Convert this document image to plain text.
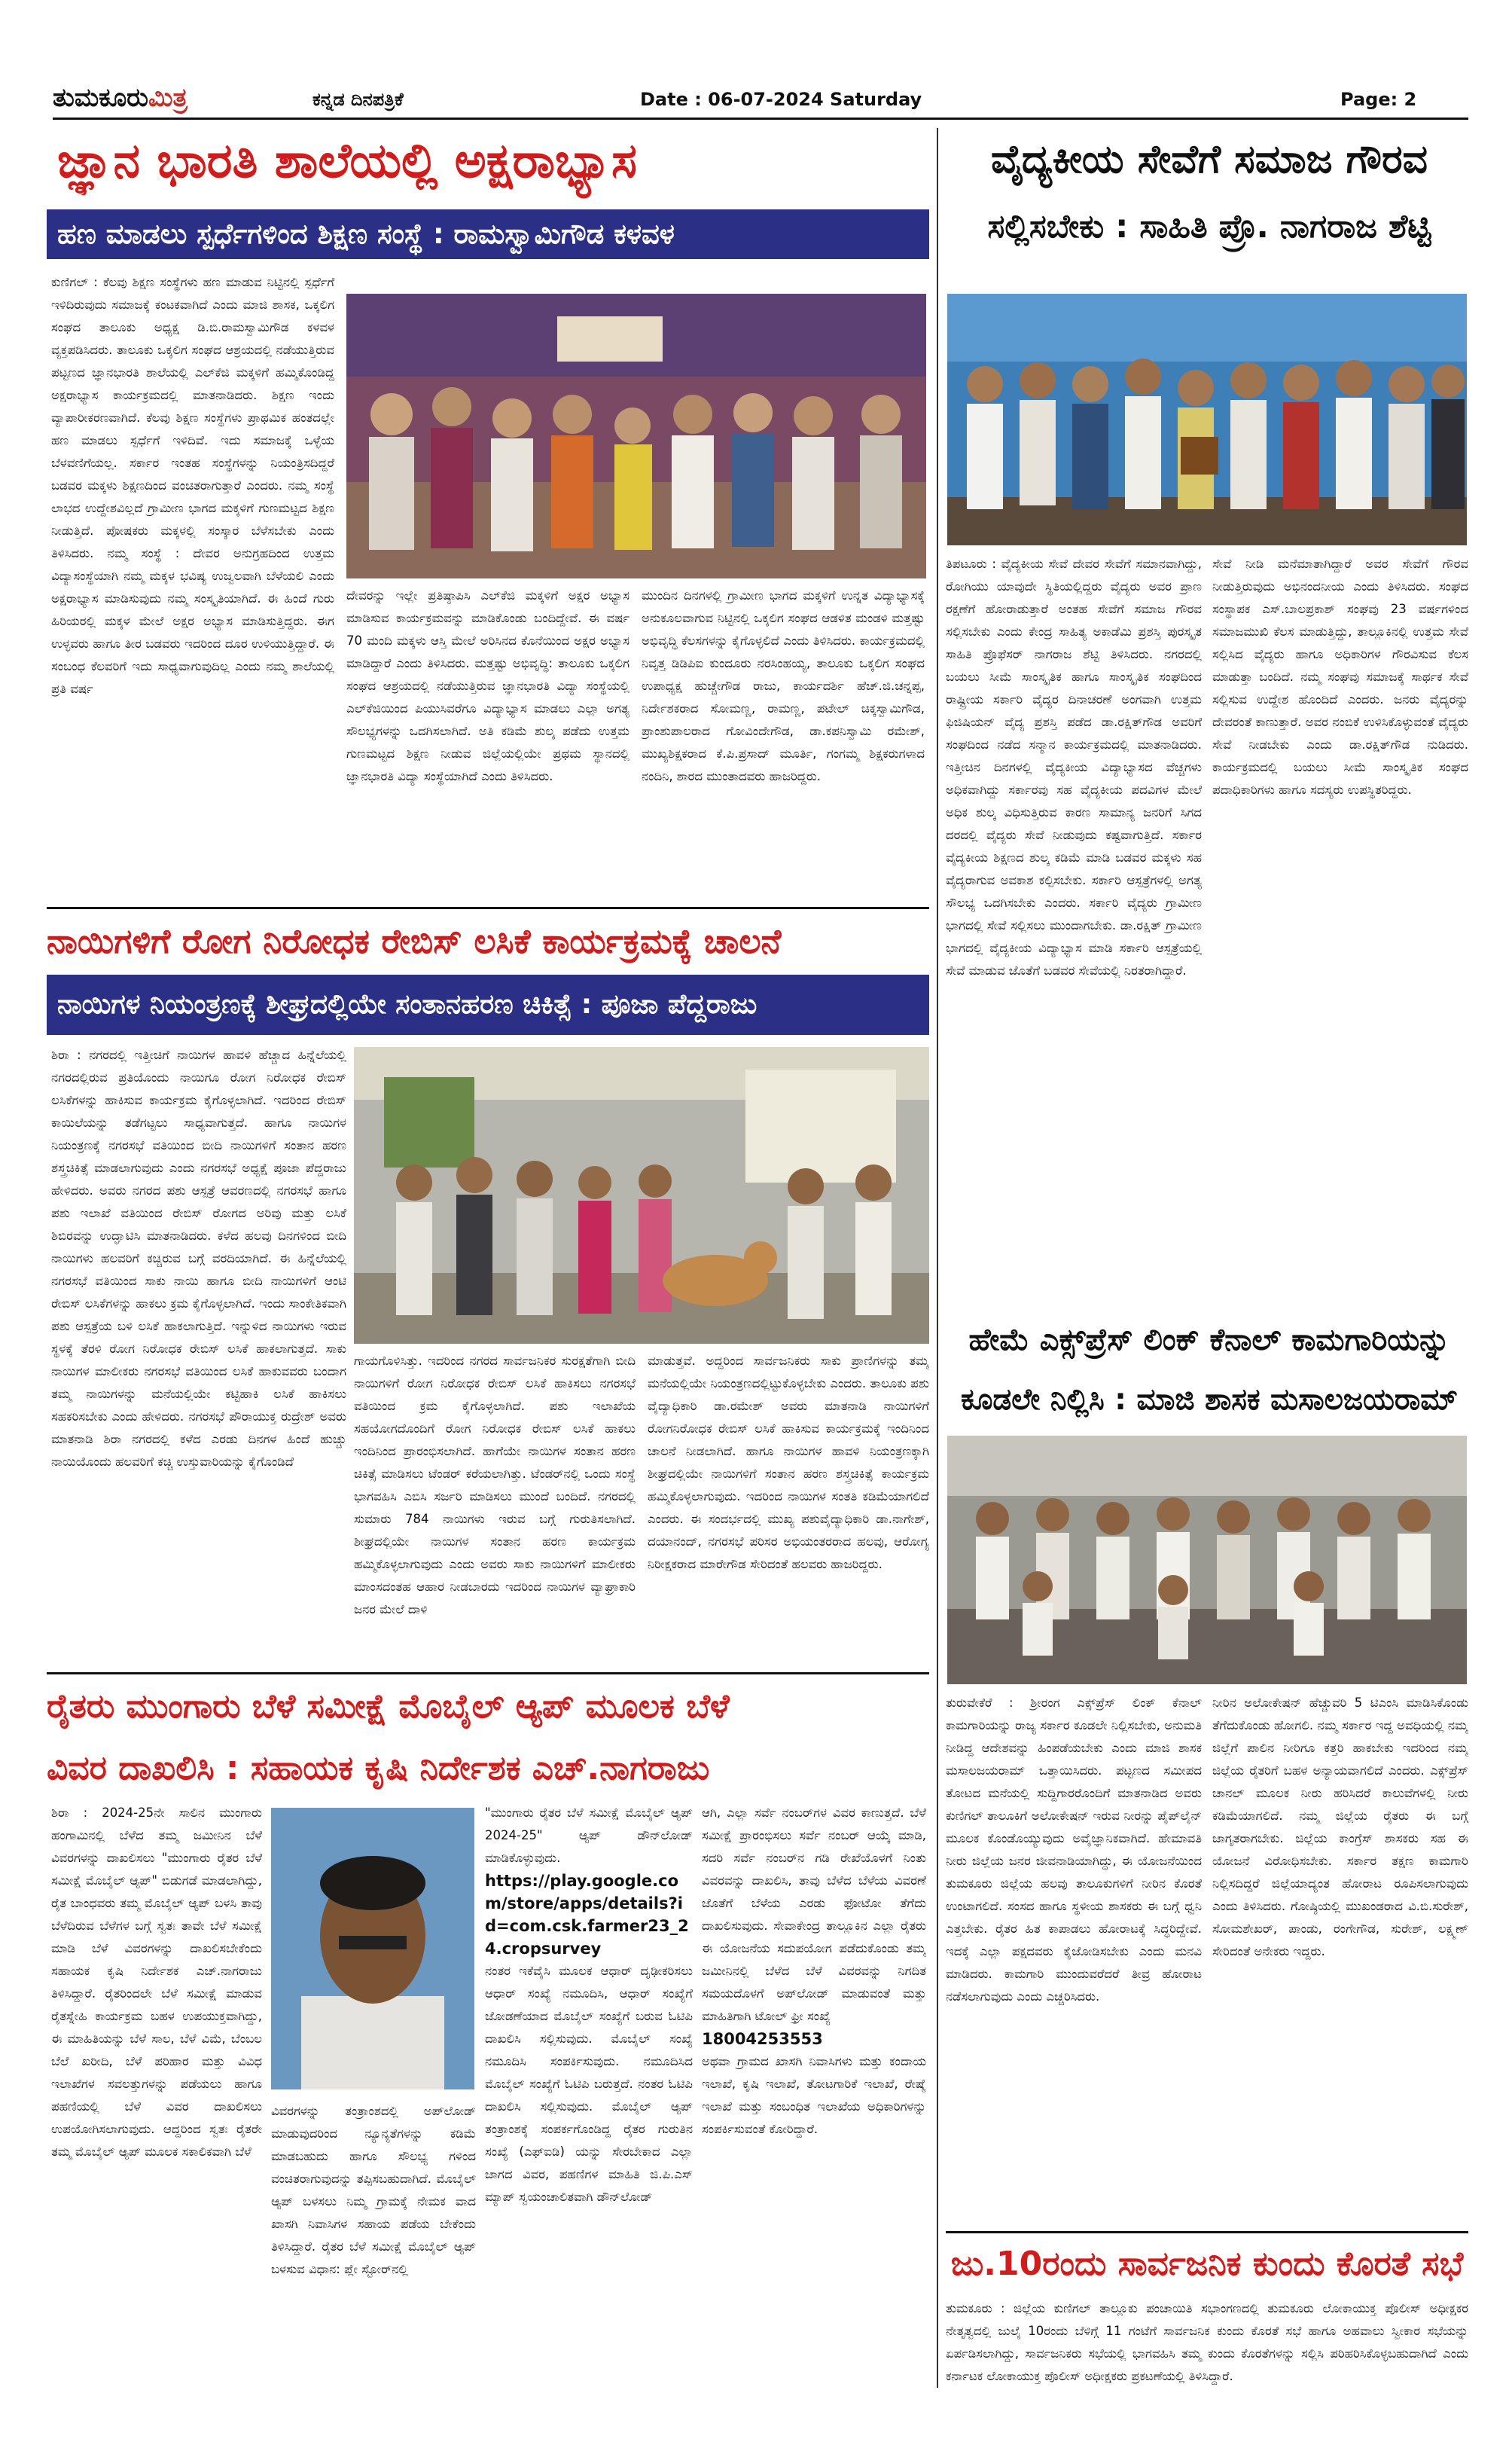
ತುಮಕೂರುಮಿತ್ರ	ಕನ್ನಡ ದಿನಪತ್ರಿಕೆ	Date : 06-07-2024 Saturday	Page: 2
ಜ್ಞಾನ ಭಾರತಿ ಶಾಲೆಯಲ್ಲಿ ಅಕ್ಷರಾಭ್ಯಾಸ
ಹಣ ಮಾಡಲು ಸ್ಪರ್ಧೆಗಳಿಂದ ಶಿಕ್ಷಣ ಸಂಸ್ಥೆ : ರಾಮಸ್ವಾಮಿಗೌಡ ಕಳವಳ

ಕುಣಿಗಲ್ : ಕೆಲವು ಶಿಕ್ಷಣ ಸಂಸ್ಥೆಗಳು ಹಣ ಮಾಡುವ ನಿಟ್ಟಿನಲ್ಲಿ ಸ್ಪರ್ಧೆಗೆ ಇಳಿದಿರುವುದು ಸಮಾಜಕ್ಕೆ ಕಂಟಕವಾಗಿದೆ ಎಂದು ಮಾಜಿ ಶಾಸಕ, ಒಕ್ಕಲಿಗ ಸಂಘದ ತಾಲೂಕು ಅಧ್ಯಕ್ಷ ಡಿ.ಬಿ.ರಾಮಸ್ವಾಮಿಗೌಡ ಕಳವಳ ವ್ಯಕ್ತಪಡಿಸಿದರು. ತಾಲೂಕು ಒಕ್ಕಲಿಗ ಸಂಘದ ಆಶ್ರಯದಲ್ಲಿ ನಡೆಯುತ್ತಿರುವ ಪಟ್ಟಣದ ಜ್ಞಾನಭಾರತಿ ಶಾಲೆಯಲ್ಲಿ ಎಲ್‌ಕೆಜಿ ಮಕ್ಕಳಿಗೆ ಹಮ್ಮಿಕೊಂಡಿದ್ದ ಅಕ್ಷರಾಭ್ಯಾಸ ಕಾರ್ಯಕ್ರಮದಲ್ಲಿ ಮಾತನಾಡಿದರು. ಶಿಕ್ಷಣ ಇಂದು ವ್ಯಾಪಾರೀಕರಣವಾಗಿದೆ. ಕೆಲವು ಶಿಕ್ಷಣ ಸಂಸ್ಥೆಗಳು ಪ್ರಾಥಮಿಕ ಹಂತದಲ್ಲೇ ಹಣ ಮಾಡಲು ಸ್ಪರ್ಧೆಗೆ ಇಳಿದಿವೆ. ಇದು ಸಮಾಜಕ್ಕೆ ಒಳ್ಳೆಯ ಬೆಳವಣಿಗೆಯಲ್ಲ. ಸರ್ಕಾರ ಇಂತಹ ಸಂಸ್ಥೆಗಳನ್ನು ನಿಯಂತ್ರಿಸದಿದ್ದರೆ ಬಡವರ ಮಕ್ಕಳು ಶಿಕ್ಷಣದಿಂದ ವಂಚಿತರಾಗುತ್ತಾರೆ ಎಂದರು. ನಮ್ಮ ಸಂಸ್ಥೆ ಲಾಭದ ಉದ್ದೇಶವಿಲ್ಲದೆ ಗ್ರಾಮೀಣ ಭಾಗದ ಮಕ್ಕಳಿಗೆ ಗುಣಮಟ್ಟದ ಶಿಕ್ಷಣ ನೀಡುತ್ತಿದೆ. ಪೋಷಕರು ಮಕ್ಕಳಲ್ಲಿ ಸಂಸ್ಕಾರ ಬೆಳೆಸಬೇಕು ಎಂದು ತಿಳಿಸಿದರು. ನಮ್ಮ ಸಂಸ್ಥೆ : ದೇವರ ಅನುಗ್ರಹದಿಂದ ಉತ್ತಮ ವಿದ್ಯಾಸಂಸ್ಥೆಯಾಗಿ ನಮ್ಮ ಮಕ್ಕಳ ಭವಿಷ್ಯ ಉಜ್ವಲವಾಗಿ ಬೆಳೆಯಲಿ ಎಂದು ಅಕ್ಷರಾಭ್ಯಾಸ ಮಾಡಿಸುವುದು ನಮ್ಮ ಸಂಸ್ಕೃತಿಯಾಗಿದೆ. ಈ ಹಿಂದೆ ಗುರು ಹಿರಿಯರಲ್ಲಿ ಮಕ್ಕಳ ಮೇಲೆ ಅಕ್ಷರ ಅಭ್ಯಾಸ ಮಾಡಿಸುತ್ತಿದ್ದರು. ಈಗ ಉಳ್ಳವರು ಹಾಗೂ ತೀರ ಬಡವರು ಇದರಿಂದ ದೂರ ಉಳಿಯುತ್ತಿದ್ದಾರೆ. ಈ ಸಂಬಂಧ ಕೆಲವರಿಗೆ ಇದು ಸಾಧ್ಯವಾಗುವುದಿಲ್ಲ ಎಂದು ನಮ್ಮ ಶಾಲೆಯಲ್ಲಿ ಪ್ರತಿ ವರ್ಷ

ದೇವರನ್ನು ಇಲ್ಲೇ ಪ್ರತಿಷ್ಠಾಪಿಸಿ ಎಲ್‌ಕೆಜಿ ಮಕ್ಕಳಿಗೆ ಅಕ್ಷರ ಅಭ್ಯಾಸ ಮಾಡಿಸುವ ಕಾರ್ಯಕ್ರಮವನ್ನು ಮಾಡಿಕೊಂಡು ಬಂದಿದ್ದೇವೆ. ಈ ವರ್ಷ 70 ಮಂದಿ ಮಕ್ಕಳು ಆಸ್ತಿ ಮೇಲೆ ಅರಿಸಿನದ ಕೊನೆಯಿಂದ ಅಕ್ಷರ ಅಭ್ಯಾಸ ಮಾಡಿದ್ದಾರೆ ಎಂದು ತಿಳಿಸಿದರು. ಮತ್ತಷ್ಟು ಅಭಿವೃದ್ಧಿ: ತಾಲೂಕು ಒಕ್ಕಲಿಗ ಸಂಘದ ಆಶ್ರಯದಲ್ಲಿ ನಡೆಯುತ್ತಿರುವ ಜ್ಞಾನಭಾರತಿ ವಿದ್ಯಾ ಸಂಸ್ಥೆಯಲ್ಲಿ ಎಲ್‌ಕೆಜಿಯಿಂದ ಪಿಯುಸಿವರೆಗೂ ವಿದ್ಯಾಭ್ಯಾಸ ಮಾಡಲು ಎಲ್ಲಾ ಅಗತ್ಯ ಸೌಲಭ್ಯಗಳನ್ನು ಒದಗಿಸಲಾಗಿದೆ. ಅತಿ ಕಡಿಮೆ ಶುಲ್ಕ ಪಡೆದು ಉತ್ತಮ ಗುಣಮಟ್ಟದ ಶಿಕ್ಷಣ ನೀಡುವ ಜಿಲ್ಲೆಯಲ್ಲಿಯೇ ಪ್ರಥಮ ಸ್ಥಾನದಲ್ಲಿ ಜ್ಞಾನಭಾರತಿ ವಿದ್ಯಾ ಸಂಸ್ಥೆಯಾಗಿದೆ ಎಂದು ತಿಳಿಸಿದರು.

ಮುಂದಿನ ದಿನಗಳಲ್ಲಿ ಗ್ರಾಮೀಣ ಭಾಗದ ಮಕ್ಕಳಿಗೆ ಉನ್ನತ ವಿದ್ಯಾಭ್ಯಾಸಕ್ಕೆ ಅನುಕೂಲವಾಗುವ ನಿಟ್ಟಿನಲ್ಲಿ ಒಕ್ಕಲಿಗ ಸಂಘದ ಆಡಳಿತ ಮಂಡಳಿ ಮತ್ತಷ್ಟು ಅಭಿವೃದ್ಧಿ ಕೆಲಸಗಳನ್ನು ಕೈಗೊಳ್ಳಲಿದೆ ಎಂದು ತಿಳಿಸಿದರು. ಕಾರ್ಯಕ್ರಮದಲ್ಲಿ ನಿವೃತ್ತ ಡಿಡಿಪಿಐ ಕುಂದೂರು ನರಸಿಂಹಯ್ಯ, ತಾಲೂಕು ಒಕ್ಕಲಿಗ ಸಂಘದ ಉಪಾಧ್ಯಕ್ಷ ಹುಚ್ಚೇಗೌಡ ರಾಜು, ಕಾರ್ಯದರ್ಶಿ ಹೆಚ್.ಜಿ.ಚನ್ನಪ್ಪ, ನಿರ್ದೇಶಕರಾದ ಸೋಮಣ್ಣ, ರಾಮಣ್ಣ, ಪಟೇಲ್ ಚಿಕ್ಕಸ್ವಾಮಿಗೌಡ, ಪ್ರಾಂಶುಪಾಲರಾದ ಗೋವಿಂದೇಗೌಡ, ಡಾ.ಕಪನಿಸ್ವಾಮಿ ರಮೇಶ್, ಮುಖ್ಯಶಿಕ್ಷಕರಾದ ಕೆ.ಪಿ.ಪ್ರಸಾದ್ ಮೂರ್ತಿ, ಗಂಗಮ್ಮ ಶಿಕ್ಷಕರುಗಳಾದ ನಂದಿನಿ, ಶಾರದ ಮುಂತಾದವರು ಹಾಜರಿದ್ದರು.

ವೈದ್ಯಕೀಯ ಸೇವೆಗೆ ಸಮಾಜ ಗೌರವ
ಸಲ್ಲಿಸಬೇಕು : ಸಾಹಿತಿ ಪ್ರೊ. ನಾಗರಾಜ ಶೆಟ್ಟಿ

ತಿಪಟೂರು : ವೈದ್ಯಕೀಯ ಸೇವೆ ದೇವರ ಸೇವೆಗೆ ಸಮಾನವಾಗಿದ್ದು, ರೋಗಿಯು ಯಾವುದೇ ಸ್ಥಿತಿಯಲ್ಲಿದ್ದರು ವೈದ್ಯರು ಅವರ ಪ್ರಾಣ ರಕ್ಷಣೆಗೆ ಹೋರಾಡುತ್ತಾರೆ ಅಂತಹ ಸೇವೆಗೆ ಸಮಾಜ ಗೌರವ ಸಲ್ಲಿಸಬೇಕು ಎಂದು ಕೇಂದ್ರ ಸಾಹಿತ್ಯ ಅಕಾಡೆಮಿ ಪ್ರಶಸ್ತಿ ಪುರಸ್ಕೃತ ಸಾಹಿತಿ ಪ್ರೊಫೆಸರ್ ನಾಗರಾಜ ಶೆಟ್ಟಿ ತಿಳಿಸಿದರು. ನಗರದಲ್ಲಿ ಬಯಲು ಸೀಮೆ ಸಾಂಸ್ಕೃತಿಕ ಹಾಗೂ ಸಾಂಸ್ಕೃತಿಕ ಸಂಘದಿಂದ ರಾಷ್ಟ್ರೀಯ ಸರ್ಕಾರಿ ವೈದ್ಯರ ದಿನಾಚರಣೆ ಅಂಗವಾಗಿ ಉತ್ತಮ ಫಿಜಿಷಿಯನ್ ವೈದ್ಯ ಪ್ರಶಸ್ತಿ ಪಡೆದ ಡಾ.ರಕ್ಷಿತ್‌ಗೌಡ ಅವರಿಗೆ ಸಂಘದಿಂದ ನಡೆದ ಸನ್ಮಾನ ಕಾರ್ಯಕ್ರಮದಲ್ಲಿ ಮಾತನಾಡಿದರು. ಇತ್ತೀಚಿನ ದಿನಗಳಲ್ಲಿ ವೈದ್ಯಕೀಯ ವಿದ್ಯಾಭ್ಯಾಸದ ವೆಚ್ಚಗಳು ಅಧಿಕವಾಗಿದ್ದು ಸರ್ಕಾರವು ಸಹ ವೈದ್ಯಕೀಯ ಪದವಿಗಳ ಮೇಲೆ ಅಧಿಕ ಶುಲ್ಕ ವಿಧಿಸುತ್ತಿರುವ ಕಾರಣ ಸಾಮಾನ್ಯ ಜನರಿಗೆ ಸಿಗದ ದರದಲ್ಲಿ ವೈದ್ಯರು ಸೇವೆ ನೀಡುವುದು ಕಷ್ಟವಾಗುತ್ತಿದೆ. ಸರ್ಕಾರ ವೈದ್ಯಕೀಯ ಶಿಕ್ಷಣದ ಶುಲ್ಕ ಕಡಿಮೆ ಮಾಡಿ ಬಡವರ ಮಕ್ಕಳು ಸಹ ವೈದ್ಯರಾಗುವ ಅವಕಾಶ ಕಲ್ಪಿಸಬೇಕು. ಸರ್ಕಾರಿ ಆಸ್ಪತ್ರೆಗಳಲ್ಲಿ ಅಗತ್ಯ ಸೌಲಭ್ಯ ಒದಗಿಸಬೇಕು ಎಂದರು. ಸರ್ಕಾರಿ ವೈದ್ಯರು ಗ್ರಾಮೀಣ ಭಾಗದಲ್ಲಿ ಸೇವೆ ಸಲ್ಲಿಸಲು ಮುಂದಾಗಬೇಕು. ಡಾ.ರಕ್ಷಿತ್ ಗ್ರಾಮೀಣ ಭಾಗದಲ್ಲಿ ವೈದ್ಯಕೀಯ ವಿದ್ಯಾಭ್ಯಾಸ ಮಾಡಿ ಸರ್ಕಾರಿ ಆಸ್ಪತ್ರೆಯಲ್ಲಿ ಸೇವೆ ಮಾಡುವ ಜೊತೆಗೆ ಬಡವರ ಸೇವೆಯಲ್ಲಿ ನಿರತರಾಗಿದ್ದಾರೆ.

ಸೇವೆ ನೀಡಿ ಮನೆಮಾತಾಗಿದ್ದಾರೆ ಅವರ ಸೇವೆಗೆ ಗೌರವ ನೀಡುತ್ತಿರುವುದು ಅಭಿನಂದನೀಯ ಎಂದು ತಿಳಿಸಿದರು. ಸಂಘದ ಸಂಸ್ಥಾಪಕ ಎಸ್.ಬಾಲಪ್ರಕಾಶ್ ಸಂಘವು 23 ವರ್ಷಗಳಿಂದ ಸಮಾಜಮುಖಿ ಕೆಲಸ ಮಾಡುತ್ತಿದ್ದು, ತಾಲ್ಲೂಕಿನಲ್ಲಿ ಉತ್ತಮ ಸೇವೆ ಸಲ್ಲಿಸಿದ ವೈದ್ಯರು ಹಾಗೂ ಅಧಿಕಾರಿಗಳ ಗೌರವಿಸುವ ಕೆಲಸ ಮಾಡುತ್ತಾ ಬಂದಿದೆ. ನಮ್ಮ ಸಂಘವು ಸಮಾಜಕ್ಕೆ ಸಾರ್ಥಕ ಸೇವೆ ಸಲ್ಲಿಸುವ ಉದ್ದೇಶ ಹೊಂದಿದೆ ಎಂದರು. ಜನರು ವೈದ್ಯರನ್ನು ದೇವರಂತೆ ಕಾಣುತ್ತಾರೆ. ಅವರ ನಂಬಿಕೆ ಉಳಿಸಿಕೊಳ್ಳುವಂತೆ ವೈದ್ಯರು ಸೇವೆ ನೀಡಬೇಕು ಎಂದು ಡಾ.ರಕ್ಷಿತ್‌ಗೌಡ ನುಡಿದರು. ಕಾರ್ಯಕ್ರಮದಲ್ಲಿ ಬಯಲು ಸೀಮೆ ಸಾಂಸ್ಕೃತಿಕ ಸಂಘದ ಪದಾಧಿಕಾರಿಗಳು ಹಾಗೂ ಸದಸ್ಯರು ಉಪಸ್ಥಿತರಿದ್ದರು.

ನಾಯಿಗಳಿಗೆ ರೋಗ ನಿರೋಧಕ ರೇಬಿಸ್ ಲಸಿಕೆ ಕಾರ್ಯಕ್ರಮಕ್ಕೆ ಚಾಲನೆ
ನಾಯಿಗಳ ನಿಯಂತ್ರಣಕ್ಕೆ ಶೀಘ್ರದಲ್ಲಿಯೇ ಸಂತಾನಹರಣ ಚಿಕಿತ್ಸೆ : ಪೂಜಾ ಪೆದ್ದರಾಜು

ಶಿರಾ : ನಗರದಲ್ಲಿ ಇತ್ತೀಚಿಗೆ ನಾಯಿಗಳ ಹಾವಳಿ ಹೆಚ್ಚಾದ ಹಿನ್ನೆಲೆಯಲ್ಲಿ ನಗರದಲ್ಲಿರುವ ಪ್ರತಿಯೊಂದು ನಾಯಿಗೂ ರೋಗ ನಿರೋಧಕ ರೇಬಿಸ್ ಲಸಿಕೆಗಳನ್ನು ಹಾಕಿಸುವ ಕಾರ್ಯಕ್ರಮ ಕೈಗೊಳ್ಳಲಾಗಿದೆ. ಇದರಿಂದ ರೇಬಿಸ್ ಕಾಯಿಲೆಯನ್ನು ತಡೆಗಟ್ಟಲು ಸಾಧ್ಯವಾಗುತ್ತದೆ. ಹಾಗೂ ನಾಯಿಗಳ ನಿಯಂತ್ರಣಕ್ಕೆ ನಗರಸಭೆ ವತಿಯಿಂದ ಬೀದಿ ನಾಯಿಗಳಿಗೆ ಸಂತಾನ ಹರಣ ಶಸ್ತ್ರಚಿಕಿತ್ಸೆ ಮಾಡಲಾಗುವುದು ಎಂದು ನಗರಸಭೆ ಅಧ್ಯಕ್ಷೆ ಪೂಜಾ ಪೆದ್ದರಾಜು ಹೇಳಿದರು. ಅವರು ನಗರದ ಪಶು ಆಸ್ಪತ್ರೆ ಆವರಣದಲ್ಲಿ ನಗರಸಭೆ ಹಾಗೂ ಪಶು ಇಲಾಖೆ ವತಿಯಿಂದ ರೇಬಿಸ್ ರೋಗದ ಅರಿವು ಮತ್ತು ಲಸಿಕೆ ಶಿಬಿರವನ್ನು ಉದ್ಘಾಟಿಸಿ ಮಾತನಾಡಿದರು. ಕಳೆದ ಹಲವು ದಿನಗಳಿಂದ ಬೀದಿ ನಾಯಿಗಳು ಹಲವರಿಗೆ ಕಚ್ಚಿರುವ ಬಗ್ಗೆ ವರದಿಯಾಗಿದೆ. ಈ ಹಿನ್ನೆಲೆಯಲ್ಲಿ ನಗರಸಭೆ ವತಿಯಿಂದ ಸಾಕು ನಾಯಿ ಹಾಗೂ ಬೀದಿ ನಾಯಿಗಳಿಗೆ ಆಂಟಿ ರೇಬಿಸ್ ಲಸಿಕೆಗಳನ್ನು ಹಾಕಲು ಕ್ರಮ ಕೈಗೊಳ್ಳಲಾಗಿದೆ. ಇಂದು ಸಾಂಕೇತಿಕವಾಗಿ ಪಶು ಆಸ್ಪತ್ರೆಯ ಬಳಿ ಲಸಿಕೆ ಹಾಕಲಾಗುತ್ತಿದೆ. ಇನ್ನುಳಿದ ನಾಯಿಗಳು ಇರುವ ಸ್ಥಳಕ್ಕೆ ತೆರಳಿ ರೋಗ ನಿರೋಧಕ ರೇಬಿಸ್ ಲಸಿಕೆ ಹಾಕಲಾಗುತ್ತದೆ. ಸಾಕು ನಾಯಿಗಳ ಮಾಲೀಕರು ನಗರಸಭೆ ವತಿಯಿಂದ ಲಸಿಕೆ ಹಾಕುವವರು ಬಂದಾಗ ತಮ್ಮ ನಾಯಿಗಳನ್ನು ಮನೆಯಲ್ಲಿಯೇ ಕಟ್ಟಿಹಾಕಿ ಲಸಿಕೆ ಹಾಕಿಸಲು ಸಹಕರಿಸಬೇಕು ಎಂದು ಹೇಳಿದರು. ನಗರಸಭೆ ಪೌರಾಯುಕ್ತ ರುದ್ರೇಶ್ ಅವರು ಮಾತನಾಡಿ ಶಿರಾ ನಗರದಲ್ಲಿ ಕಳೆದ ಎರಡು ದಿನಗಳ ಹಿಂದೆ ಹುಚ್ಚು ನಾಯಿಯೊಂದು ಹಲವರಿಗೆ ಕಚ್ಚಿ ಉಸ್ತುವಾರಿಯನ್ನು ಕೈಗೊಂಡಿದೆ

ಗಾಯಗೊಳಿಸಿತ್ತು. ಇದರಿಂದ ನಗರದ ಸಾರ್ವಜನಿಕರ ಸುರಕ್ಷತೆಗಾಗಿ ಬೀದಿ ನಾಯಿಗಳಿಗೆ ರೋಗ ನಿರೋಧಕ ರೇಬಿಸ್ ಲಸಿಕೆ ಹಾಕಿಸಲು ನಗರಸಭೆ ವತಿಯಿಂದ ಕ್ರಮ ಕೈಗೊಳ್ಳಲಾಗಿದೆ. ಪಶು ಇಲಾಖೆಯ ಸಹಯೋಗದೊಂದಿಗೆ ರೋಗ ನಿರೋಧಕ ರೇಬಿಸ್ ಲಸಿಕೆ ಹಾಕಲು ಇಂದಿನಿಂದ ಪ್ರಾರಂಭಿಸಲಾಗಿದೆ. ಹಾಗೆಯೇ ನಾಯಿಗಳ ಸಂತಾನ ಹರಣ ಚಿಕಿತ್ಸೆ ಮಾಡಿಸಲು ಟೆಂಡರ್ ಕರೆಯಲಾಗಿತ್ತು. ಟೆಂಡರ್‌ನಲ್ಲಿ ಒಂದು ಸಂಸ್ಥೆ ಭಾಗವಹಿಸಿ ಎಬಿಸಿ ಸರ್ಜರಿ ಮಾಡಿಸಲು ಮುಂದೆ ಬಂದಿದೆ. ನಗರದಲ್ಲಿ ಸುಮಾರು 784 ನಾಯಿಗಳು ಇರುವ ಬಗ್ಗೆ ಗುರುತಿಸಲಾಗಿದೆ. ಶೀಘ್ರದಲ್ಲಿಯೇ ನಾಯಿಗಳ ಸಂತಾನ ಹರಣ ಕಾರ್ಯಕ್ರಮ ಹಮ್ಮಿಕೊಳ್ಳಲಾಗುವುದು ಎಂದು ಅವರು ಸಾಕು ನಾಯಿಗಳಿಗೆ ಮಾಲೀಕರು ಮಾಂಸದಂತಹ ಆಹಾರ ನೀಡಬಾರದು ಇದರಿಂದ ನಾಯಿಗಳ ವ್ಯಾಘ್ರಾಕಾರಿ ಜನರ ಮೇಲೆ ದಾಳಿ

ಮಾಡುತ್ತವೆ. ಅದ್ದರಿಂದ ಸಾರ್ವಜನಿಕರು ಸಾಕು ಪ್ರಾಣಿಗಳನ್ನು ತಮ್ಮ ಮನೆಯಲ್ಲಿಯೇ ನಿಯಂತ್ರಣದಲ್ಲಿಟ್ಟುಕೊಳ್ಳಬೇಕು ಎಂದರು. ತಾಲೂಕು ಪಶು ವೈದ್ಯಾಧಿಕಾರಿ ಡಾ.ರಮೇಶ್ ಅವರು ಮಾತನಾಡಿ ನಾಯಿಗಳಿಗೆ ರೋಗನಿರೋಧಕ ರೇಬಿಸ್ ಲಸಿಕೆ ಹಾಕಿಸುವ ಕಾರ್ಯಕ್ರಮಕ್ಕೆ ಇಂದಿನಿಂದ ಚಾಲನೆ ನೀಡಲಾಗಿದೆ. ಹಾಗೂ ನಾಯಿಗಳ ಹಾವಳಿ ನಿಯಂತ್ರಣಕ್ಕಾಗಿ ಶೀಘ್ರದಲ್ಲಿಯೇ ನಾಯಿಗಳಿಗೆ ಸಂತಾನ ಹರಣ ಶಸ್ತ್ರಚಿಕಿತ್ಸೆ ಕಾರ್ಯಕ್ರಮ ಹಮ್ಮಿಕೊಳ್ಳಲಾಗುವುದು. ಇದರಿಂದ ನಾಯಿಗಳ ಸಂತತಿ ಕಡಿಮೆಯಾಗಲಿದೆ ಎಂದರು. ಈ ಸಂದರ್ಭದಲ್ಲಿ ಮುಖ್ಯ ಪಶುವೈದ್ಯಾಧಿಕಾರಿ ಡಾ.ನಾಗೇಶ್, ದಯಾನಂದ್, ನಗರಸಭೆ ಪರಿಸರ ಅಭಿಯಂತರರಾದ ಹಲವು, ಆರೋಗ್ಯ ನಿರೀಕ್ಷಕರಾದ ಮಾರೇಗೌಡ ಸೇರಿದಂತೆ ಹಲವರು ಹಾಜರಿದ್ದರು.

ಹೇಮೆ ಎಕ್ಸ್‌ಪ್ರೆಸ್ ಲಿಂಕ್ ಕೆನಾಲ್ ಕಾಮಗಾರಿಯನ್ನು
ಕೂಡಲೇ ನಿಲ್ಲಿಸಿ : ಮಾಜಿ ಶಾಸಕ ಮಸಾಲಜಯರಾಮ್

ತುರುವೇಕೆರೆ : ಶ್ರೀರಂಗ ಎಕ್ಸ್‌ಪ್ರೆಸ್ ಲಿಂಕ್ ಕೆನಾಲ್ ಕಾಮಗಾರಿಯನ್ನು ರಾಜ್ಯ ಸರ್ಕಾರ ಕೂಡಲೇ ನಿಲ್ಲಿಸಬೇಕು, ಅನುಮತಿ ನೀಡಿದ್ದ ಆದೇಶವನ್ನು ಹಿಂಪಡೆಯಬೇಕು ಎಂದು ಮಾಜಿ ಶಾಸಕ ಮಸಾಲಜಯರಾಮ್ ಒತ್ತಾಯಿಸಿದರು. ಪಟ್ಟಣದ ಸಮೀಪದ ತೋಟದ ಮನೆಯಲ್ಲಿ ಸುದ್ದಿಗಾರರೊಂದಿಗೆ ಮಾತನಾಡಿದ ಅವರು ಕುಣಿಗಲ್ ತಾಲೂಕಿಗೆ ಅಲೋಕೇಷನ್ ಇರುವ ನೀರನ್ನು ಪೈಪ್‌ಲೈನ್ ಮೂಲಕ ಕೊಂಡೊಯ್ಯುವುದು ಅವೈಜ್ಞಾನಿಕವಾಗಿದೆ. ಹೇಮಾವತಿ ನೀರು ಜಿಲ್ಲೆಯ ಜನರ ಜೀವನಾಡಿಯಾಗಿದ್ದು, ಈ ಯೋಜನೆಯಿಂದ ತುಮಕೂರು ಜಿಲ್ಲೆಯ ಹಲವು ತಾಲೂಕುಗಳಿಗೆ ನೀರಿನ ಕೊರತೆ ಉಂಟಾಗಲಿದೆ. ಸಂಸದ ಹಾಗೂ ಸ್ಥಳೀಯ ಶಾಸಕರು ಈ ಬಗ್ಗೆ ಧ್ವನಿ ಎತ್ತಬೇಕು. ರೈತರ ಹಿತ ಕಾಪಾಡಲು ಹೋರಾಟಕ್ಕೆ ಸಿದ್ಧರಿದ್ದೇವೆ. ಇದಕ್ಕೆ ಎಲ್ಲಾ ಪಕ್ಷದವರು ಕೈಜೋಡಿಸಬೇಕು ಎಂದು ಮನವಿ ಮಾಡಿದರು. ಕಾಮಗಾರಿ ಮುಂದುವರೆದರೆ ತೀವ್ರ ಹೋರಾಟ ನಡೆಸಲಾಗುವುದು ಎಂದು ಎಚ್ಚರಿಸಿದರು.

ನೀರಿನ ಅಲೋಕೇಷನ್ ಹೆಚ್ಚುವರಿ 5 ಟಿಎಂಸಿ ಮಾಡಿಸಿಕೊಂಡು ತೆಗೆದುಕೊಂಡು ಹೋಗಲಿ. ನಮ್ಮ ಸರ್ಕಾರ ಇದ್ದ ಅವಧಿಯಲ್ಲಿ ನಮ್ಮ ಜಿಲ್ಲೆಗೆ ಪಾಲಿನ ನೀರಿಗೂ ಕತ್ತರಿ ಹಾಕಬೇಕು ಇದರಿಂದ ನಮ್ಮ ಜಿಲ್ಲೆಯ ರೈತರಿಗೆ ಬಹಳ ಅನ್ಯಾಯವಾಗಲಿದೆ ಎಂದರು. ಎಕ್ಸ್‌ಪ್ರೆಸ್ ಚಾನಲ್ ಮೂಲಕ ನೀರು ಹರಿಸಿದರೆ ಕಾಲುವೆಗಳಲ್ಲಿ ನೀರು ಕಡಿಮೆಯಾಗಲಿದೆ. ನಮ್ಮ ಜಿಲ್ಲೆಯ ರೈತರು ಈ ಬಗ್ಗೆ ಜಾಗೃತರಾಗಬೇಕು. ಜಿಲ್ಲೆಯ ಕಾಂಗ್ರೆಸ್ ಶಾಸಕರು ಸಹ ಈ ಯೋಜನೆ ವಿರೋಧಿಸಬೇಕು. ಸರ್ಕಾರ ತಕ್ಷಣ ಕಾಮಗಾರಿ ನಿಲ್ಲಿಸದಿದ್ದರೆ ಜಿಲ್ಲೆಯಾದ್ಯಂತ ಹೋರಾಟ ರೂಪಿಸಲಾಗುವುದು ಎಂದು ತಿಳಿಸಿದರು. ಗೋಷ್ಠಿಯಲ್ಲಿ ಮುಖಂಡರಾದ ವಿ.ಬಿ.ಸುರೇಶ್, ಸೋಮಶೇಖರ್, ಪಾಂಡು, ರಂಗೇಗೌಡ, ಸುರೇಶ್, ಲಕ್ಷ್ಮಣ್ ಸೇರಿದಂತೆ ಅನೇಕರು ಇದ್ದರು.

ರೈತರು ಮುಂಗಾರು ಬೆಳೆ ಸಮೀಕ್ಷೆ ಮೊಬೈಲ್ ಆ್ಯಪ್ ಮೂಲಕ ಬೆಳೆ
ವಿವರ ದಾಖಲಿಸಿ : ಸಹಾಯಕ ಕೃಷಿ ನಿರ್ದೇಶಕ ಎಚ್.ನಾಗರಾಜು

ಶಿರಾ : 2024-25ನೇ ಸಾಲಿನ ಮುಂಗಾರು ಹಂಗಾಮಿನಲ್ಲಿ ಬೆಳೆದ ತಮ್ಮ ಜಮೀನಿನ ಬೆಳೆ ವಿವರಗಳನ್ನು ದಾಖಲಿಸಲು "ಮುಂಗಾರು ರೈತರ ಬೆಳೆ ಸಮೀಕ್ಷೆ ಮೊಬೈಲ್ ಆ್ಯಪ್" ಬಿಡುಗಡೆ ಮಾಡಲಾಗಿದ್ದು, ರೈತ ಬಾಂಧವರು ತಮ್ಮ ಮೊಬೈಲ್ ಆ್ಯಪ್ ಬಳಸಿ ತಾವು ಬೆಳೆದಿರುವ ಬೆಳೆಗಳ ಬಗ್ಗೆ ಸ್ವತಃ ತಾವೇ ಬೆಳೆ ಸಮೀಕ್ಷೆ ಮಾಡಿ ಬೆಳೆ ವಿವರಗಳನ್ನು ದಾಖಲಿಸಬೇಕೆಂದು ಸಹಾಯಕ ಕೃಷಿ ನಿರ್ದೇಶಕ ಎಚ್.ನಾಗರಾಜು ತಿಳಿಸಿದ್ದಾರೆ. ರೈತರಿಂದಲೇ ಬೆಳೆ ಸಮೀಕ್ಷೆ ಮಾಡುವ ರೈತಸ್ನೇಹಿ ಕಾರ್ಯಕ್ರಮ ಬಹಳ ಉಪಯುಕ್ತವಾಗಿದ್ದು, ಈ ಮಾಹಿತಿಯನ್ನು ಬೆಳೆ ಸಾಲ, ಬೆಳೆ ವಿಮೆ, ಬೆಂಬಲ ಬೆಲೆ ಖರೀದಿ, ಬೆಳೆ ಪರಿಹಾರ ಮತ್ತು ವಿವಿಧ ಇಲಾಖೆಗಳ ಸವಲತ್ತುಗಳನ್ನು ಪಡೆಯಲು ಹಾಗೂ ಪಹಣಿಯಲ್ಲಿ ಬೆಳೆ ವಿವರ ದಾಖಲಿಸಲು ಉಪಯೋಗಿಸಲಾಗುವುದು. ಆದ್ದರಿಂದ ಸ್ವತಃ ರೈತರೇ ತಮ್ಮ ಮೊಬೈಲ್ ಆ್ಯಪ್ ಮೂಲಕ ಸಕಾಲಿಕವಾಗಿ ಬೆಳೆ

ವಿವರಗಳನ್ನು ತಂತ್ರಾಂಶದಲ್ಲಿ ಅಪ್‌ಲೋಡ್ ಮಾಡುವುದರಿಂದ ನ್ಯೂನ್ಯತೆಗಳನ್ನು ಕಡಿಮೆ ಮಾಡಬಹುದು ಹಾಗೂ ಸೌಲಭ್ಯ ಗಳಿಂದ ವಂಚಿತರಾಗುವುದನ್ನು ತಪ್ಪಿಸಬಹುದಾಗಿದೆ. ಮೊಬೈಲ್ ಆ್ಯಪ್ ಬಳಸಲು ನಿಮ್ಮ ಗ್ರಾಮಕ್ಕೆ ನೇಮಕ ವಾದ ಖಾಸಗಿ ನಿವಾಸಿಗಳ ಸಹಾಯ ಪಡೆಯ ಬೇಕೆಂದು ತಿಳಿಸಿದ್ದಾರೆ. ರೈತರ ಬೆಳೆ ಸಮೀಕ್ಷೆ ಮೊಬೈಲ್ ಆ್ಯಪ್ ಬಳಸುವ ವಿಧಾನ: ಪ್ಲೇ ಸ್ಟೋರ್‌ನಲ್ಲಿ

"ಮುಂಗಾರು ರೈತರ ಬೆಳೆ ಸಮೀಕ್ಷೆ ಮೊಬೈಲ್ ಆ್ಯಪ್ 2024-25" ಆ್ಯಪ್ ಡೌನ್‌ಲೋಡ್ ಮಾಡಿಕೊಳ್ಳುವುದು.

https://play.google.com/store/apps/details?id=com.csk.farmer23_24.cropsurvey

ನಂತರ ಇಕೆವೈಸಿ ಮೂಲಕ ಆಧಾರ್ ದೃಢೀಕರಿಸಲು ಆಧಾರ್ ಸಂಖ್ಯೆ ನಮೂದಿಸಿ, ಆಧಾರ್ ಸಂಖ್ಯೆಗೆ ಜೋಡಣೆಯಾದ ಮೊಬೈಲ್ ಸಂಖ್ಯೆಗೆ ಬರುವ ಓಟಿಪಿ ದಾಖಲಿಸಿ ಸಲ್ಲಿಸುವುದು. ಮೊಬೈಲ್ ಸಂಖ್ಯೆ ನಮೂದಿಸಿ ಸಂಪರ್ಕಿಸುವುದು. ನಮೂದಿಸಿದ ಮೊಬೈಲ್ ಸಂಖ್ಯೆಗೆ ಓಟಿಪಿ ಬರುತ್ತದೆ. ನಂತರ ಓಟಿಪಿ ದಾಖಲಿಸಿ ಸಲ್ಲಿಸುವುದು. ಮೊಬೈಲ್ ಆ್ಯಪ್ ತಂತ್ರಾಂಶಕ್ಕೆ ಸಂಪರ್ಕಗೊಂಡಿದ್ದ ರೈತರ ಗುರುತಿನ ಸಂಖ್ಯೆ (ಎಫ್‌ಐಡಿ) ಯನ್ನು ಸೇರಬೇಕಾದ ಎಲ್ಲಾ ಜಾಗದ ವಿವರ, ಪಹಣಿಗಳ ಮಾಹಿತಿ ಜಿ.ಪಿ.ಎಸ್ ಮ್ಯಾಪ್ ಸ್ವಯಂಚಾಲಿತವಾಗಿ ಡೌನ್‌ಲೋಡ್

ಆಗಿ, ಎಲ್ಲಾ ಸರ್ವೆ ನಂಬರ್‌ಗಳ ವಿವರ ಕಾಣುತ್ತದೆ. ಬೆಳೆ ಸಮೀಕ್ಷೆ ಪ್ರಾರಂಭಿಸಲು ಸರ್ವೆ ನಂಬರ್ ಆಯ್ಕೆ ಮಾಡಿ, ಸದರಿ ಸರ್ವೆ ನಂಬರ್‌ನ ಗಡಿ ರೇಖೆಯೊಳಗೆ ನಿಂತು ವಿವರವನ್ನು ದಾಖಲಿಸಿ, ತಾವು ಬೆಳೆದ ಬೆಳೆಯ ವಿವರಣೆ ಜೊತೆಗೆ ಬೆಳೆಯ ಎರಡು ಫೋಟೋ ತೆಗೆದು ದಾಖಲಿಸುವುದು. ಸೇವಾಕೇಂದ್ರ ತಾಲ್ಲೂಕಿನ ಎಲ್ಲಾ ರೈತರು ಈ ಯೋಜನೆಯ ಸದುಪಯೋಗ ಪಡೆದುಕೊಂಡು ತಮ್ಮ ಜಮೀನಿನಲ್ಲಿ ಬೆಳೆದ ಬೆಳೆ ವಿವರವನ್ನು ನಿಗದಿತ ಸಮಯದೊಳಗೆ ಅಪ್‌ಲೋಡ್ ಮಾಡುವಂತೆ ಮತ್ತು ಮಾಹಿತಿಗಾಗಿ ಟೋಲ್ ಫ್ರೀ ಸಂಖ್ಯೆ

18004253553

ಅಥವಾ ಗ್ರಾಮದ ಖಾಸಗಿ ನಿವಾಸಿಗಳು ಮತ್ತು ಕಂದಾಯ ಇಲಾಖೆ, ಕೃಷಿ ಇಲಾಖೆ, ತೋಟಗಾರಿಕೆ ಇಲಾಖೆ, ರೇಷ್ಮೆ ಇಲಾಖೆ ಮತ್ತು ಸಂಬಂಧಿತ ಇಲಾಖೆಯ ಅಧಿಕಾರಿಗಳನ್ನು ಸಂಪರ್ಕಿಸುವಂತೆ ಕೋರಿದ್ದಾರೆ.

ಜು.10ರಂದು ಸಾರ್ವಜನಿಕ ಕುಂದು ಕೊರತೆ ಸಭೆ

ತುಮಕೂರು : ಜಿಲ್ಲೆಯ ಕುಣಿಗಲ್ ತಾಲ್ಲೂಕು ಪಂಚಾಯಿತಿ ಸಭಾಂಗಣದಲ್ಲಿ ತುಮಕೂರು ಲೋಕಾಯುಕ್ತ ಪೊಲೀಸ್ ಅಧೀಕ್ಷಕರ ನೇತೃತ್ವದಲ್ಲಿ ಜುಲೈ 10ರಂದು ಬೆಳಿಗ್ಗೆ 11 ಗಂಟೆಗೆ ಸಾರ್ವಜನಿಕ ಕುಂದು ಕೊರತೆ ಸಭೆ ಹಾಗೂ ಅಹವಾಲು ಸ್ವೀಕಾರ ಸಭೆಯನ್ನು ಏರ್ಪಡಿಸಲಾಗಿದ್ದು, ಸಾರ್ವಜನಿಕರು ಸಭೆಯಲ್ಲಿ ಭಾಗವಹಿಸಿ ತಮ್ಮ ಕುಂದು ಕೊರತೆಗಳನ್ನು ಸಲ್ಲಿಸಿ ಪರಿಹರಿಸಿಕೊಳ್ಳಬಹುದಾಗಿದೆ ಎಂದು ಕರ್ನಾಟಕ ಲೋಕಾಯುಕ್ತ ಪೊಲೀಸ್ ಅಧೀಕ್ಷಕರು ಪ್ರಕಟಣೆಯಲ್ಲಿ ತಿಳಿಸಿದ್ದಾರೆ.
